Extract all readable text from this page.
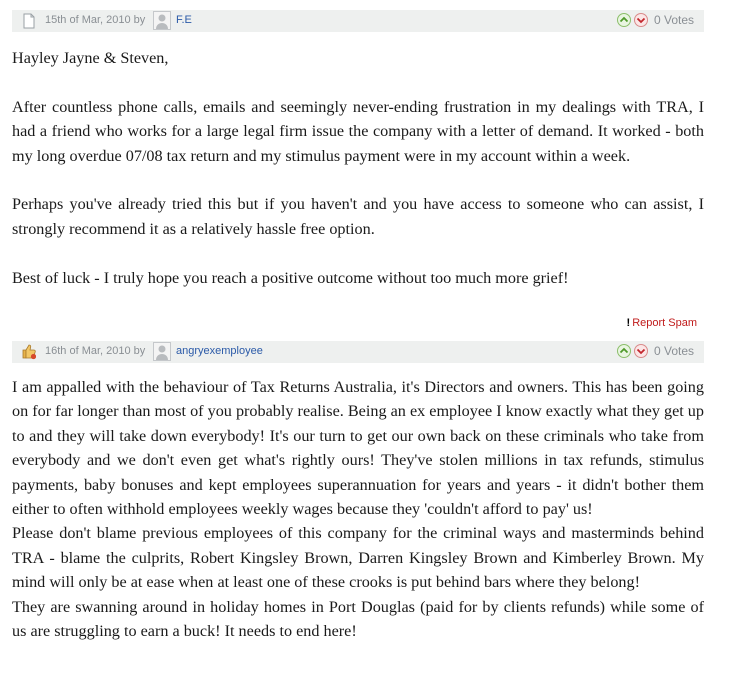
15th of Mar, 2010 by	F.E	0 Votes

Hayley Jayne & Steven,

After countless phone calls, emails and seemingly never-ending frustration in my dealings with TRA, I had a friend who works for a large legal firm issue the company with a letter of demand. It worked - both my long overdue 07/08 tax return and my stimulus payment were in my account within a week.

Perhaps you've already tried this but if you haven't and you have access to someone who can assist, I strongly recommend it as a relatively hassle free option.

Best of luck - I truly hope you reach a positive outcome without too much more grief!

! Report Spam
16th of Mar, 2010 by	angryexemployee	0 Votes

I am appalled with the behaviour of Tax Returns Australia, it's Directors and owners. This has been going on for far longer than most of you probably realise. Being an ex employee I know exactly what they get up to and they will take down everybody! It's our turn to get our own back on these criminals who take from everybody and we don't even get what's rightly ours! They've stolen millions in tax refunds, stimulus payments, baby bonuses and kept employees superannuation for years and years - it didn't bother them either to often withhold employees weekly wages because they 'couldn't afford to pay' us!

Please don't blame previous employees of this company for the criminal ways and masterminds behind TRA - blame the culprits, Robert Kingsley Brown, Darren Kingsley Brown and Kimberley Brown. My mind will only be at ease when at least one of these crooks is put behind bars where they belong!

They are swanning around in holiday homes in Port Douglas (paid for by clients refunds) while some of us are struggling to earn a buck! It needs to end here!
